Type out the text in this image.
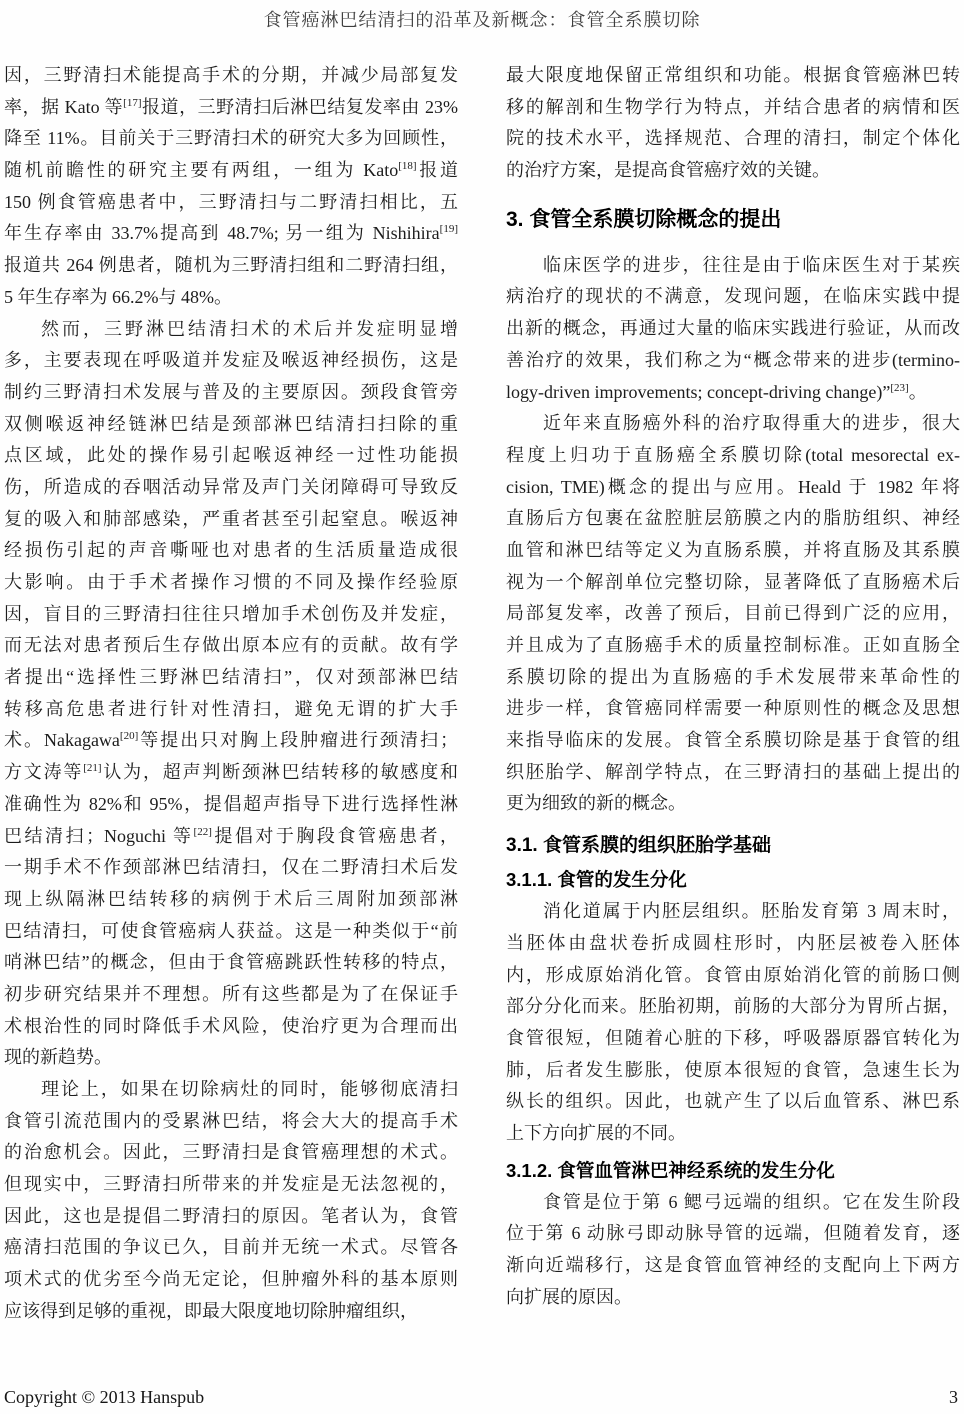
食管癌淋巴结清扫的沿革及新概念：食管全系膜切除
因，三野清扫术能提高手术的分期，并减少局部复发
率，据 Kato 等[17]报道，三野清扫后淋巴结复发率由 23%
降至 11%。目前关于三野清扫术的研究大多为回顾性，
随机前瞻性的研究主要有两组，一组为 Kato[18]报道
150 例食管癌患者中，三野清扫与二野清扫相比，五
年生存率由 33.7%提高到 48.7%; 另一组为 Nishihira[19]
报道共 264 例患者，随机为三野清扫组和二野清扫组，
5 年生存率为 66.2%与 48%。
然而，三野淋巴结清扫术的术后并发症明显增
多，主要表现在呼吸道并发症及喉返神经损伤，这是
制约三野清扫术发展与普及的主要原因。颈段食管旁
双侧喉返神经链淋巴结是颈部淋巴结清扫扫除的重
点区域，此处的操作易引起喉返神经一过性功能损
伤，所造成的吞咽活动异常及声门关闭障碍可导致反
复的吸入和肺部感染，严重者甚至引起窒息。喉返神
经损伤引起的声音嘶哑也对患者的生活质量造成很
大影响。由于手术者操作习惯的不同及操作经验原
因，盲目的三野清扫往往只增加手术创伤及并发症，
而无法对患者预后生存做出原本应有的贡献。故有学
者提出“选择性三野淋巴结清扫”，仅对颈部淋巴结
转移高危患者进行针对性清扫，避免无谓的扩大手
术。Nakagawa[20]等提出只对胸上段肿瘤进行颈清扫；
方文涛等[21]认为，超声判断颈淋巴结转移的敏感度和
准确性为 82%和 95%，提倡超声指导下进行选择性淋
巴结清扫；Noguchi 等[22]提倡对于胸段食管癌患者，
一期手术不作颈部淋巴结清扫，仅在二野清扫术后发
现上纵隔淋巴结转移的病例于术后三周附加颈部淋
巴结清扫，可使食管癌病人获益。这是一种类似于“前
哨淋巴结”的概念，但由于食管癌跳跃性转移的特点，
初步研究结果并不理想。所有这些都是为了在保证手
术根治性的同时降低手术风险，使治疗更为合理而出
现的新趋势。
理论上，如果在切除病灶的同时，能够彻底清扫
食管引流范围内的受累淋巴结，将会大大的提高手术
的治愈机会。因此，三野清扫是食管癌理想的术式。
但现实中，三野清扫所带来的并发症是无法忽视的，
因此，这也是提倡二野清扫的原因。笔者认为，食管
癌清扫范围的争议已久，目前并无统一术式。尽管各
项术式的优劣至今尚无定论，但肿瘤外科的基本原则
应该得到足够的重视，即最大限度地切除肿瘤组织，
最大限度地保留正常组织和功能。根据食管癌淋巴转
移的解剖和生物学行为特点，并结合患者的病情和医
院的技术水平，选择规范、合理的清扫，制定个体化
的治疗方案，是提高食管癌疗效的关键。
3. 食管全系膜切除概念的提出
临床医学的进步，往往是由于临床医生对于某疾
病治疗的现状的不满意，发现问题，在临床实践中提
出新的概念，再通过大量的临床实践进行验证，从而改
善治疗的效果，我们称之为“概念带来的进步(termino-
logy-driven improvements; concept-driving change)”[23]。
近年来直肠癌外科的治疗取得重大的进步，很大
程度上归功于直肠癌全系膜切除(total mesorectal ex-
cision, TME)概念的提出与应用。Heald 于 1982 年将
直肠后方包裹在盆腔脏层筋膜之内的脂肪组织、神经
血管和淋巴结等定义为直肠系膜，并将直肠及其系膜
视为一个解剖单位完整切除，显著降低了直肠癌术后
局部复发率，改善了预后，目前已得到广泛的应用，
并且成为了直肠癌手术的质量控制标准。正如直肠全
系膜切除的提出为直肠癌的手术发展带来革命性的
进步一样，食管癌同样需要一种原则性的概念及思想
来指导临床的发展。食管全系膜切除是基于食管的组
织胚胎学、解剖学特点，在三野清扫的基础上提出的
更为细致的新的概念。
3.1. 食管系膜的组织胚胎学基础
3.1.1. 食管的发生分化
消化道属于内胚层组织。胚胎发育第 3 周末时，
当胚体由盘状卷折成圆柱形时，内胚层被卷入胚体
内，形成原始消化管。食管由原始消化管的前肠口侧
部分分化而来。胚胎初期，前肠的大部分为胃所占据，
食管很短，但随着心脏的下移，呼吸器原器官转化为
肺，后者发生膨胀，使原本很短的食管，急速生长为
纵长的组织。因此，也就产生了以后血管系、淋巴系
上下方向扩展的不同。
3.1.2. 食管血管淋巴神经系统的发生分化
食管是位于第 6 鳃弓远端的组织。它在发生阶段
位于第 6 动脉弓即动脉导管的远端，但随着发育，逐
渐向近端移行，这是食管血管神经的支配向上下两方
向扩展的原因。
Copyright © 2013 Hanspub	3
